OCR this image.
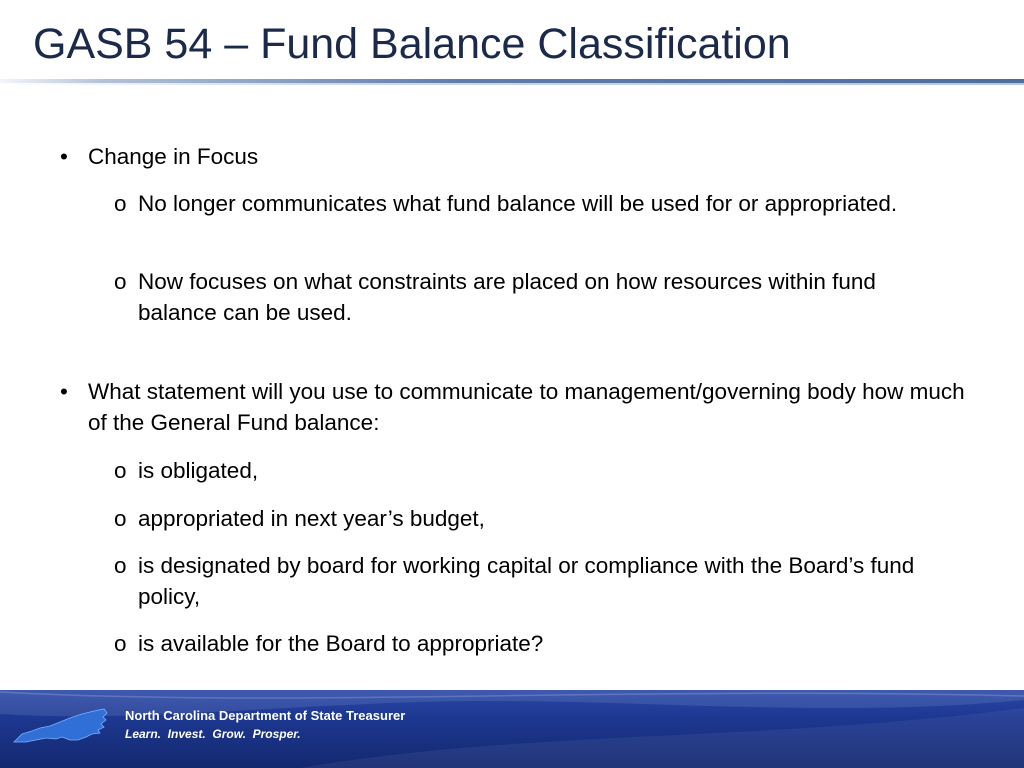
GASB 54 – Fund Balance Classification

• Change in Focus

o No longer communicates what fund balance will be used for or appropriated.

o Now focuses on what constraints are placed on how resources within fund balance can be used.

• What statement will you use to communicate to management/governing body how much of the General Fund balance:

o is obligated,

o appropriated in next year’s budget,

o is designated by board for working capital or compliance with the Board’s fund policy,

o is available for the Board to appropriate?

North Carolina Department of State Treasurer

Learn.  Invest.  Grow.  Prosper.
